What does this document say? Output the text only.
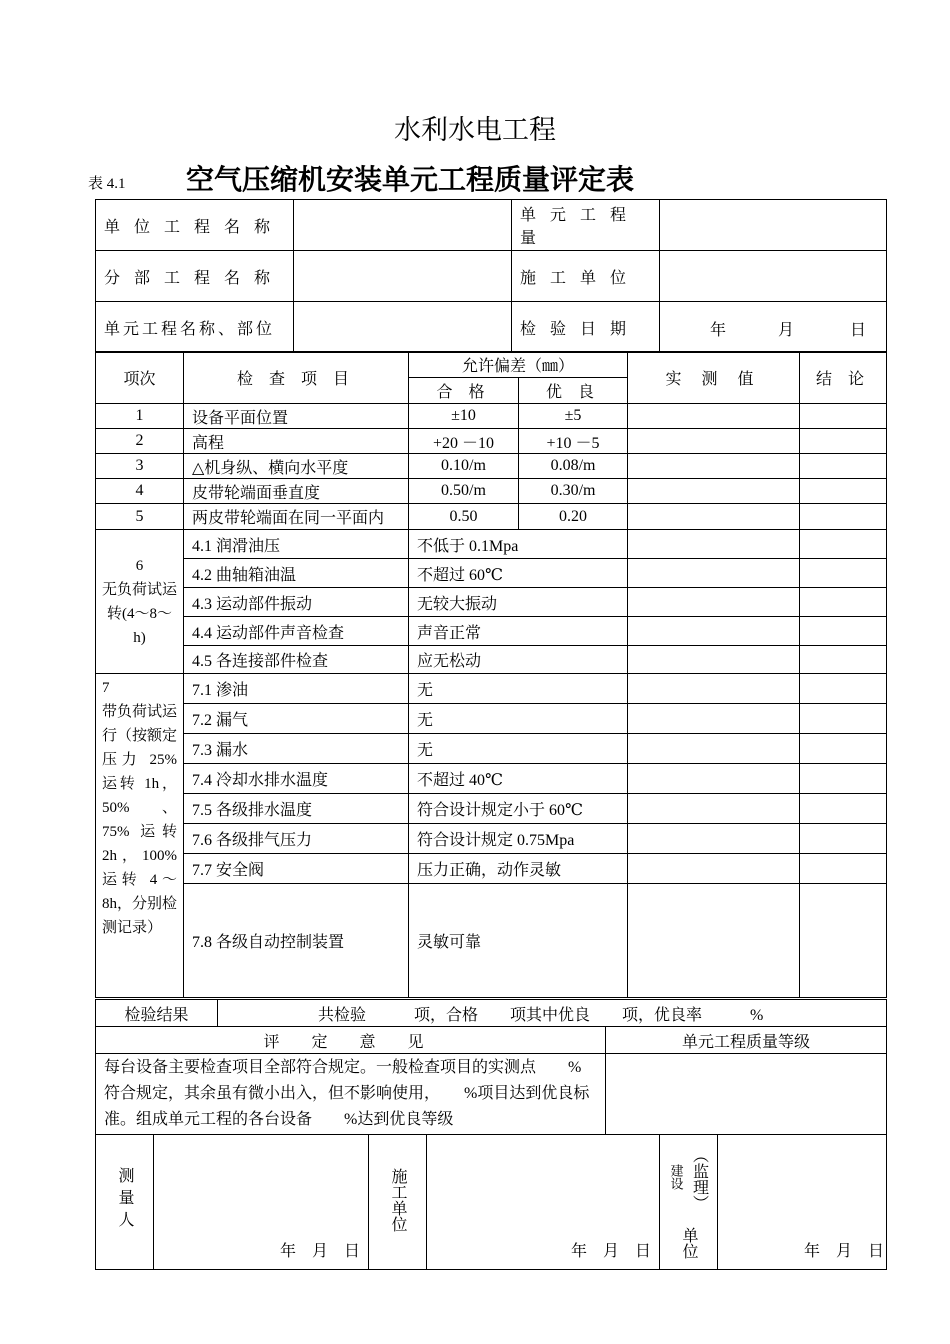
水利水电工程
表 4.1 空气压缩机安装单元工程质量评定表
单 位 工 程 名 称		单 元 工 程 量	
分 部 工 程 名 称		施 工 单 位	
单元工程名称、部位		检 验 日 期	年 月 日
项次	检 查 项 目	允许偏差（㎜）		实 测 值	结 论
		合 格	优 良		
1	设备平面位置	±10	±5		
2	高程	+20 －10	+10 －5		
3	△机身纵、横向水平度	0.10/m	0.08/m		
4	皮带轮端面垂直度	0.50/m	0.30/m		
5	两皮带轮端面在同一平面内	0.50	0.20		
6
无负荷试运转(4～8～h)	4.1 润滑油压	不低于 0.1Mpa			
	4.2 曲轴箱油温	不超过 60℃			
	4.3 运动部件振动	无较大振动			
	4.4 运动部件声音检查	声音正常			
	4.5 各连接部件检查	应无松动			
7
带负荷试运行（按额定压力 25% 运转 1h， 50% 、 75% 运转 2h，100% 运转 4～8h，分别检测记录）	7.1 渗油	无			
	7.2 漏气	无			
	7.3 漏水	无			
	7.4 冷却水排水温度	不超过 40℃			
	7.5 各级排水温度	符合设计规定小于 60℃			
	7.6 各级排气压力	符合设计规定 0.75Mpa			
	7.7 安全阀	压力正确，动作灵敏			
	7.8 各级自动控制装置	灵敏可靠			
检验结果	共检验　　　项，合格　　项其中优良　　项，优良率　　　%	
评 定 意 见		单元工程质量等级
每台设备主要检查项目全部符合规定。一般检查项目的实测点　　%符合规定，其余虽有微小出入，但不影响使用，　　%项目达到优良标准。组成单元工程的各台设备　　%达到优良等级		
测量人	年　月　日	施工单位	年　月　日	
建设 （监理）
单位	年　月　日
